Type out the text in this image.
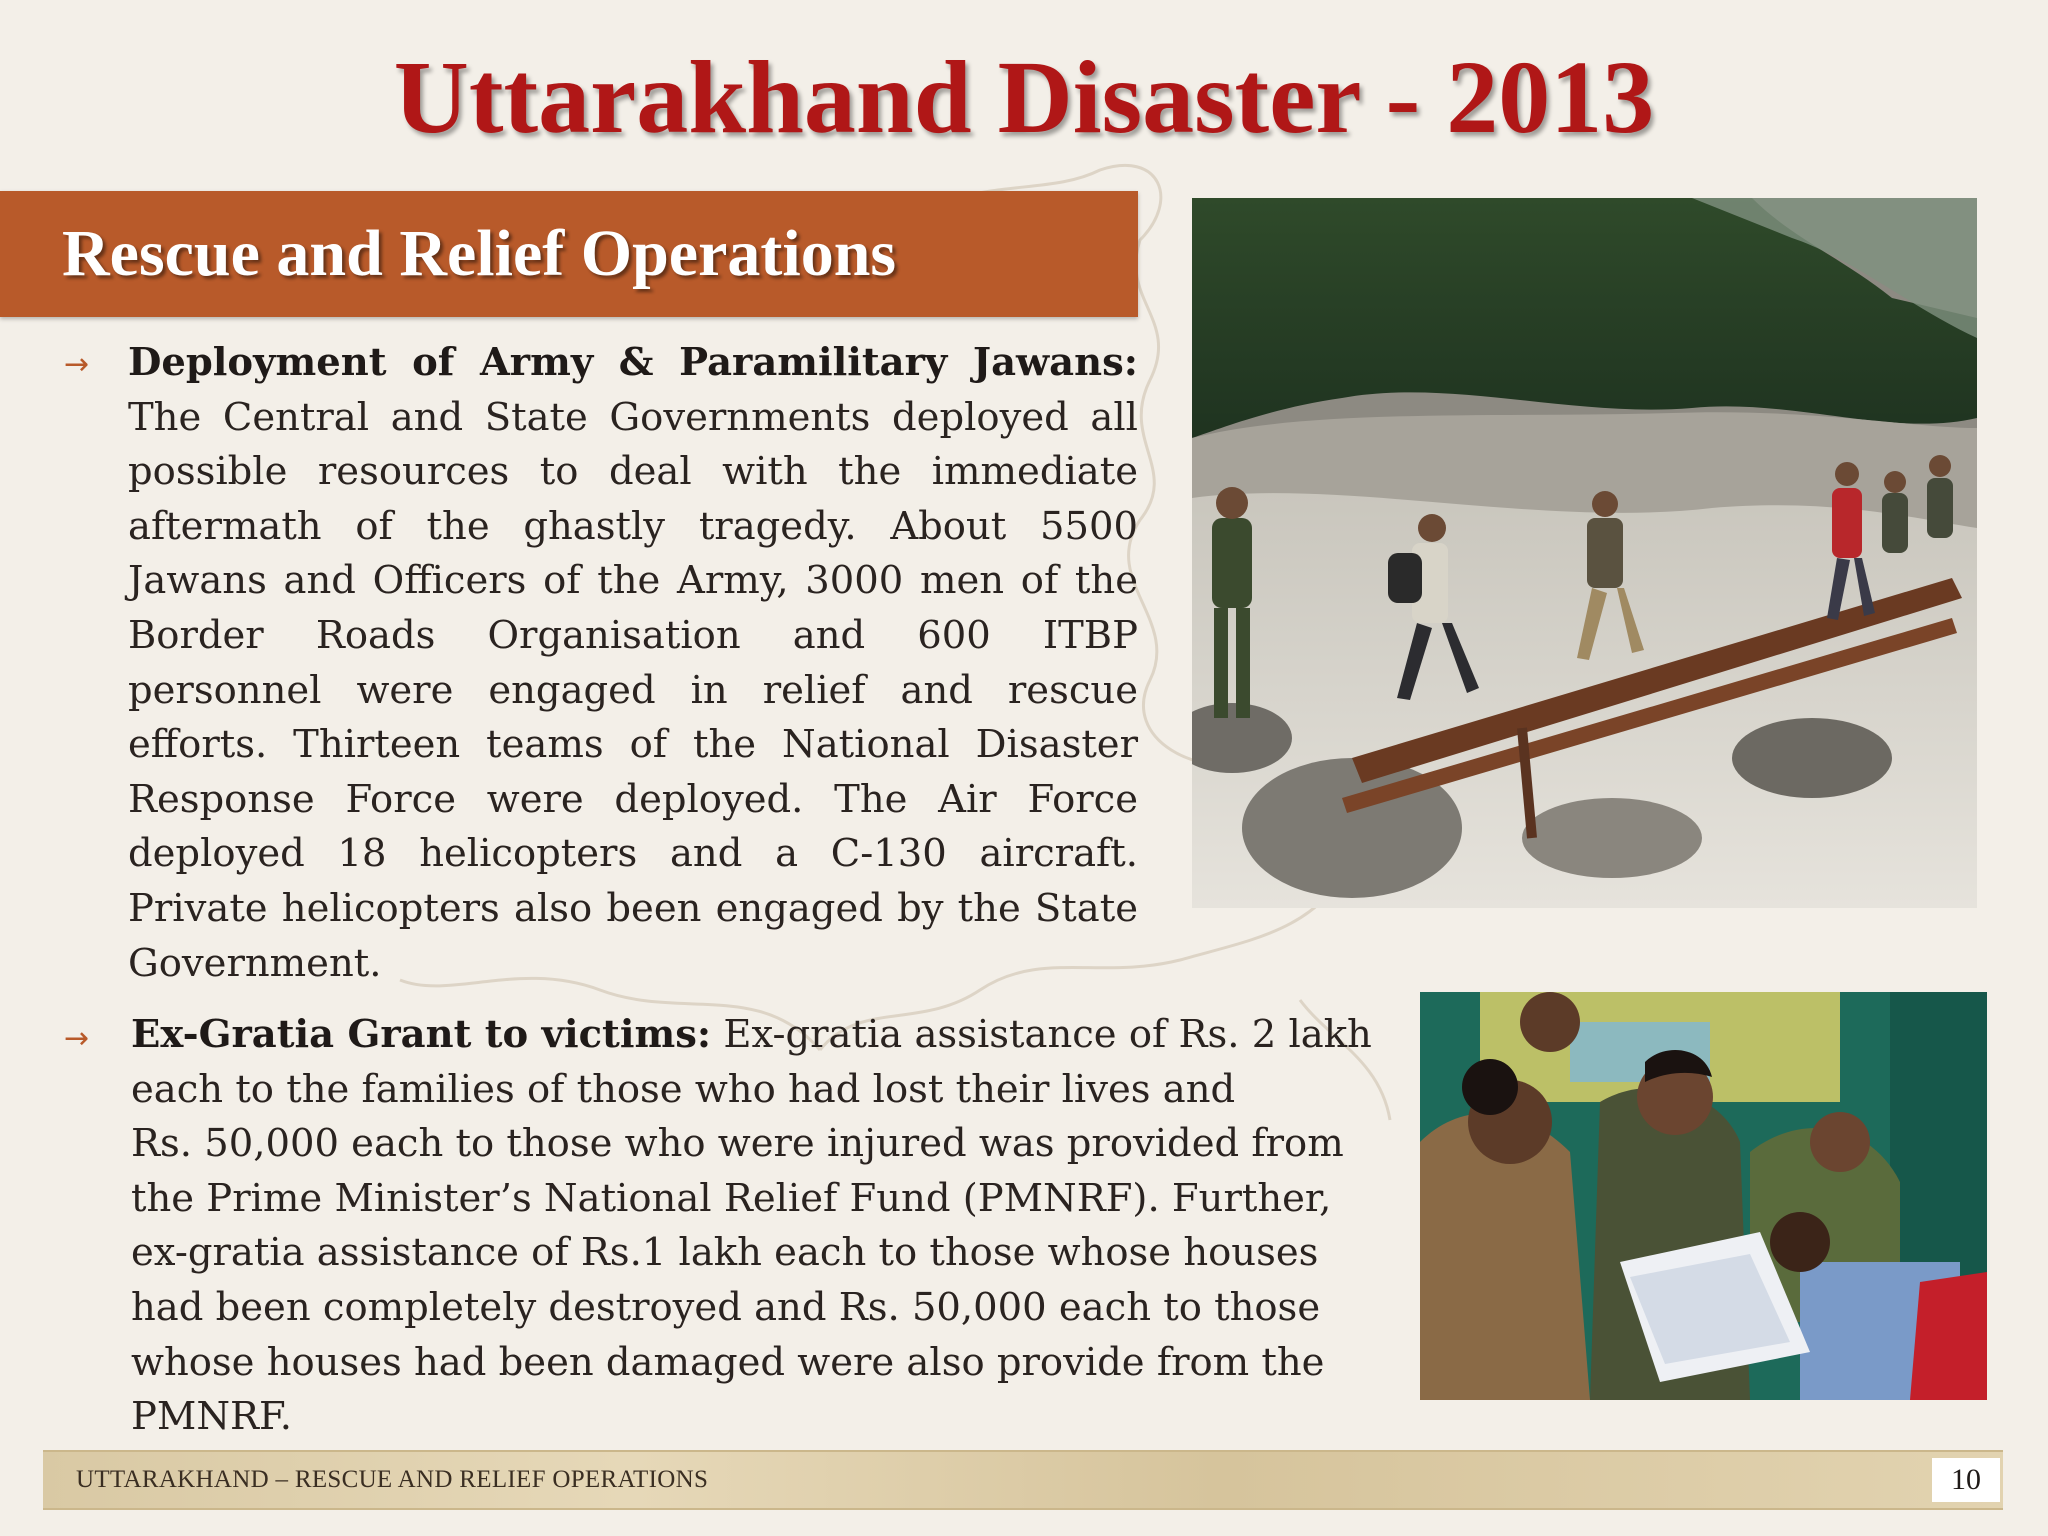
Uttarakhand Disaster - 2013
Rescue and Relief Operations
→ Deployment of Army & Paramilitary Jawans: The Central and State Governments deployed all possible resources to deal with the immediate aftermath of the ghastly tragedy. About 5500 Jawans and Officers of the Army, 3000 men of the Border Roads Organisation and 600 ITBP personnel were engaged in relief and rescue efforts. Thirteen teams of the National Disaster Response Force were deployed. The Air Force deployed 18 helicopters and a C-130 aircraft. Private helicopters also been engaged by the State Government.

→ Ex-Gratia Grant to victims: Ex-gratia assistance of Rs. 2 lakh
each to the families of those who had lost their lives and
Rs. 50,000 each to those who were injured was provided from
the Prime Minister’s National Relief Fund (PMNRF). Further,
ex-gratia assistance of Rs.1 lakh each to those whose houses
had been completely destroyed and Rs. 50,000 each to those
whose houses had been damaged were also provide from the
PMNRF.

UTTARAKHAND – RESCUE AND RELIEF OPERATIONS	10
